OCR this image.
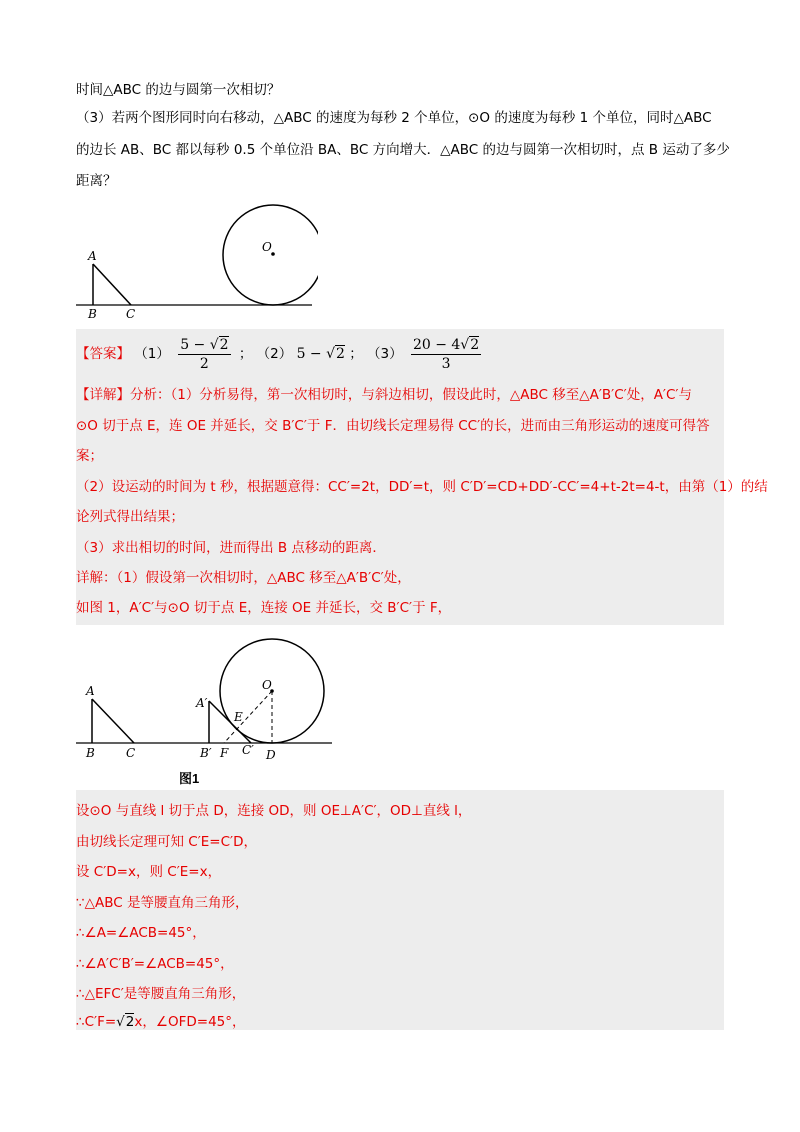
时间△ABC 的边与圆第一次相切？
（3）若两个图形同时向右移动，△ABC 的速度为每秒 2 个单位，⊙O 的速度为每秒 1 个单位，同时△ABC
的边长 AB、BC 都以每秒 0.5 个单位沿 BA、BC 方向增大．△ABC 的边与圆第一次相切时，点 B 运动了多少
距离？
A
B C
O
【答案】 $(1) \frac{5 - √2}{2}$ ； （2） 5 − √2 ； $(3) \frac{20 - 4√2}{3}$
【详解】分析：（1）分析易得，第一次相切时，与斜边相切，假设此时，△ABC 移至△A′B′C′处，A′C′与
⊙O 切于点 E，连 OE 并延长，交 B′C′于 F．由切线长定理易得 CC′的长，进而由三角形运动的速度可得答
案；
（2）设运动的时间为 t 秒，根据题意得：CC′=2t，DD′=t，则 C′D′=CD+DD′-CC′=4+t-2t=4-t，由第（1）的结
论列式得出结果；
（3）求出相切的时间，进而得出 B 点移动的距离．
详解：（1）假设第一次相切时，△ABC 移至△A′B′C′处，
如图 1，A′C′与⊙O 切于点 E，连接 OE 并延长，交 B′C′于 F，
A
B	C
A′
B′ F C′
E
O
D
图1
设⊙O 与直线 l 切于点 D，连接 OD，则 OE⊥A′C′，OD⊥直线 l，
由切线长定理可知 C′E=C′D，
设 C′D=x，则 C′E=x，
∵△ABC 是等腰直角三角形，
∴∠A=∠ACB=45°，
∴∠A′C′B′=∠ACB=45°，
∴△EFC′是等腰直角三角形，
∴C′F=√2x，∠OFD=45°，
